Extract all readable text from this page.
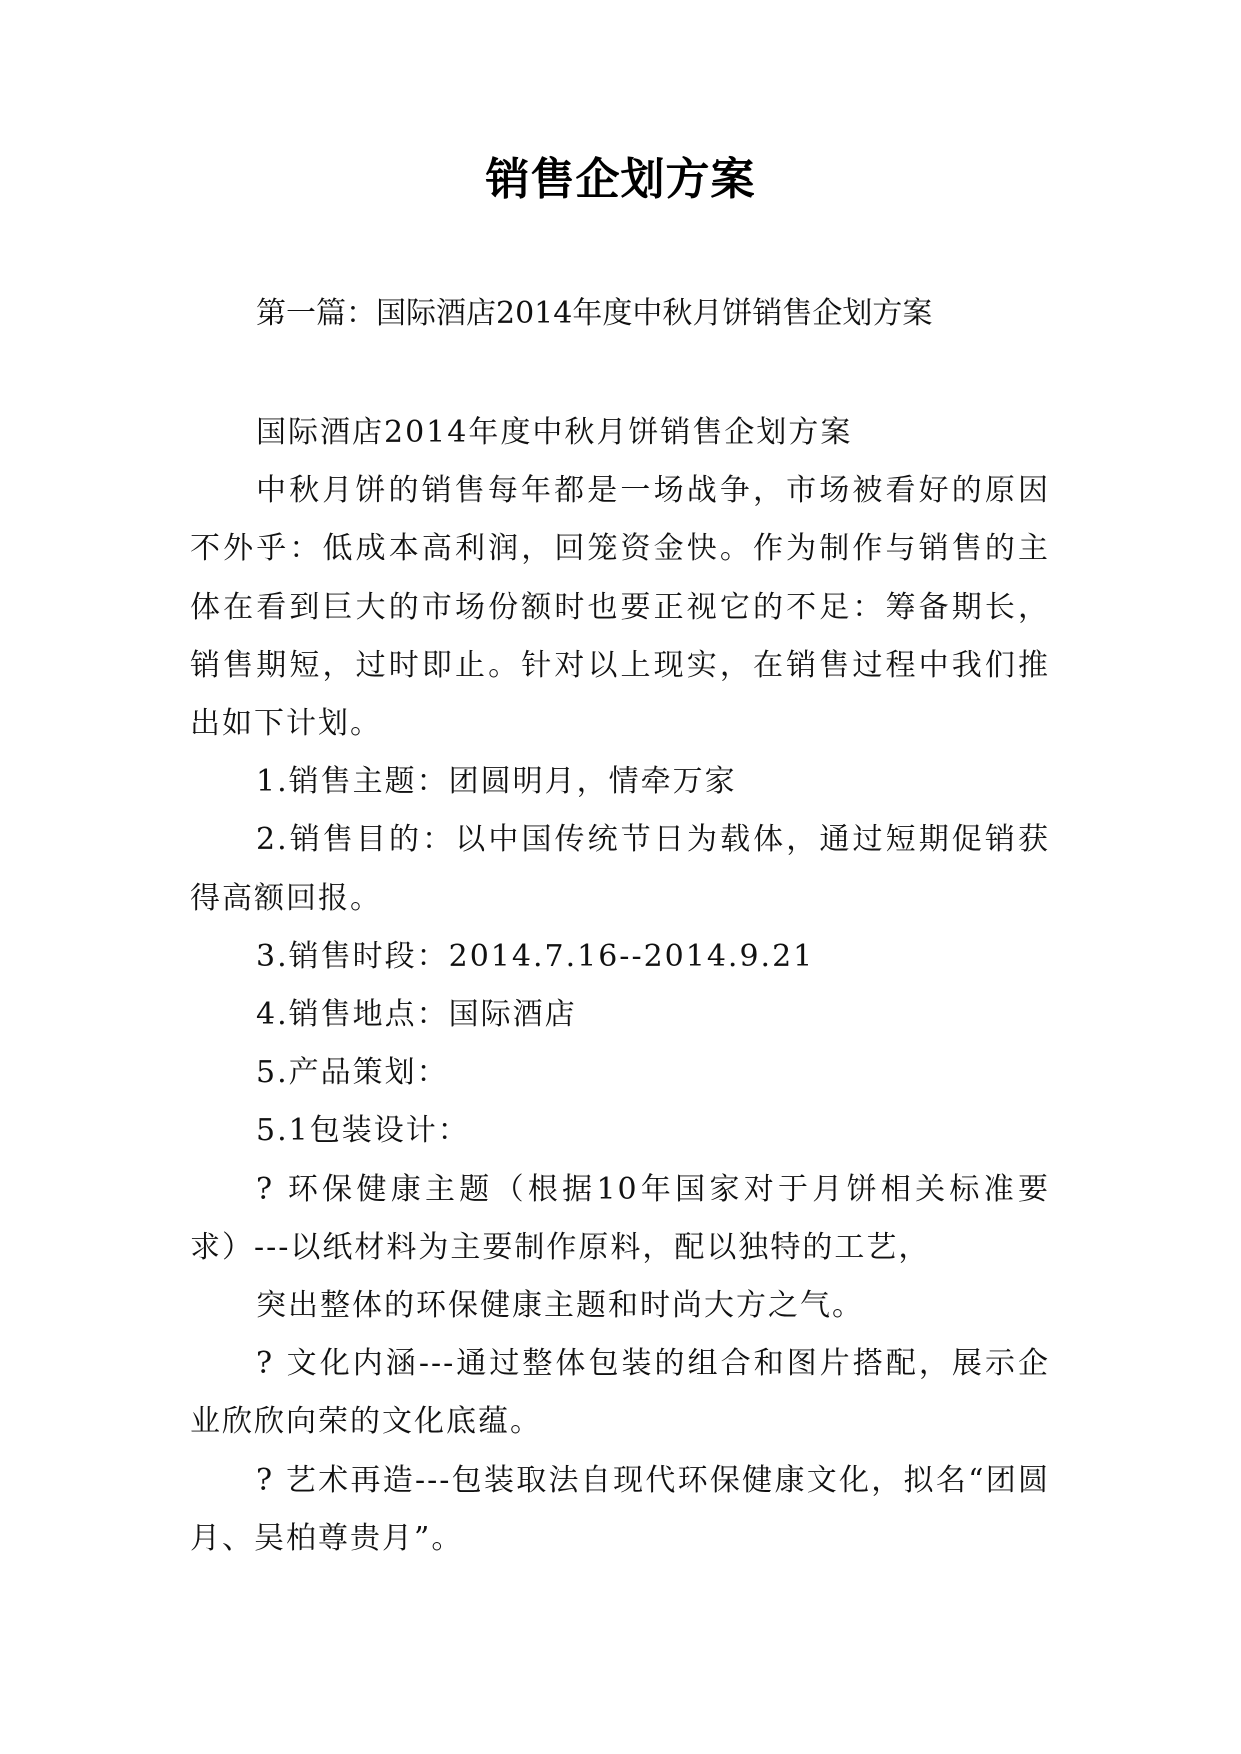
销售企划方案

第一篇：国际酒店2014年度中秋月饼销售企划方案

国际酒店2014年度中秋月饼销售企划方案

中秋月饼的销售每年都是一场战争，市场被看好的原因不外乎：低成本高利润，回笼资金快。作为制作与销售的主体在看到巨大的市场份额时也要正视它的不足：筹备期长，销售期短，过时即止。针对以上现实，在销售过程中我们推出如下计划。

1.销售主题：团圆明月，情牵万家

2.销售目的：以中国传统节日为载体，通过短期促销获得高额回报。

3.销售时段：2014.7.16--2014.9.21

4.销售地点：国际酒店

5.产品策划：

5.1包装设计：

? 环保健康主题（根据10年国家对于月饼相关标准要求）---以纸材料为主要制作原料，配以独特的工艺，

突出整体的环保健康主题和时尚大方之气。

? 文化内涵---通过整体包装的组合和图片搭配，展示企业欣欣向荣的文化底蕴。

? 艺术再造---包装取法自现代环保健康文化，拟名“团圆月、吴柏尊贵月”。
